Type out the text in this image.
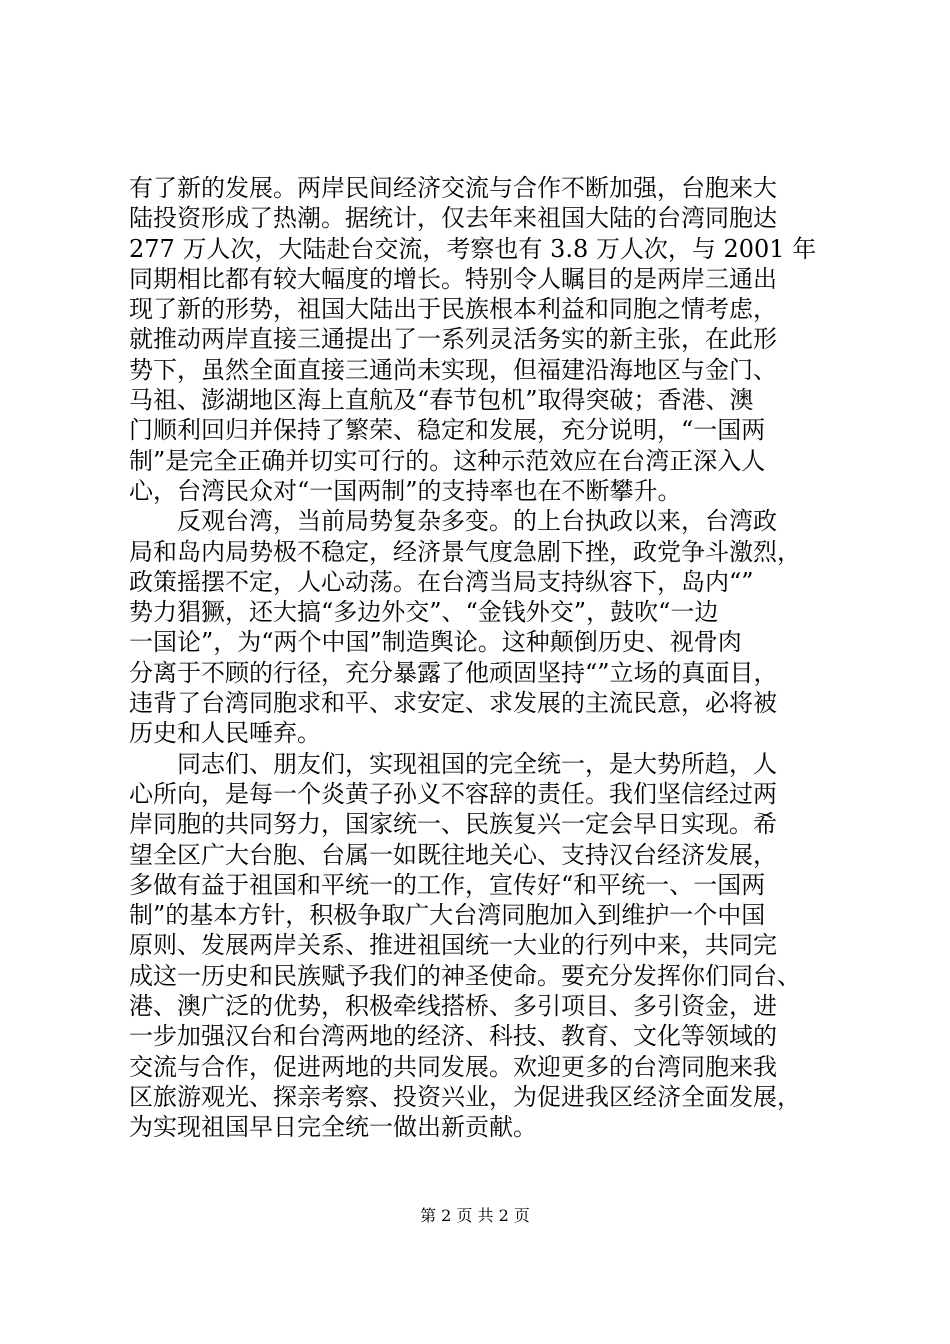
有了新的发展。两岸民间经济交流与合作不断加强，台胞来大
陆投资形成了热潮。据统计，仅去年来祖国大陆的台湾同胞达
277 万人次，大陆赴台交流，考察也有 3.8 万人次，与 2001 年
同期相比都有较大幅度的增长。特别令人瞩目的是两岸三通出
现了新的形势，祖国大陆出于民族根本利益和同胞之情考虑，
就推动两岸直接三通提出了一系列灵活务实的新主张，在此形
势下，虽然全面直接三通尚未实现，但福建沿海地区与金门、
马祖、澎湖地区海上直航及“春节包机”取得突破；香港、澳
门顺利回归并保持了繁荣、稳定和发展，充分说明，“一国两
制”是完全正确并切实可行的。这种示范效应在台湾正深入人
心，台湾民众对“一国两制”的支持率也在不断攀升。
　　反观台湾，当前局势复杂多变。的上台执政以来，台湾政
局和岛内局势极不稳定，经济景气度急剧下挫，政党争斗激烈，
政策摇摆不定，人心动荡。在台湾当局支持纵容下，岛内“”
势力猖獗，还大搞“多边外交”、“金钱外交”，鼓吹“一边
一国论”，为“两个中国”制造舆论。这种颠倒历史、视骨肉
分离于不顾的行径，充分暴露了他顽固坚持“”立场的真面目，
违背了台湾同胞求和平、求安定、求发展的主流民意，必将被
历史和人民唾弃。
　　同志们、朋友们，实现祖国的完全统一，是大势所趋，人
心所向，是每一个炎黄子孙义不容辞的责任。我们坚信经过两
岸同胞的共同努力，国家统一、民族复兴一定会早日实现。希
望全区广大台胞、台属一如既往地关心、支持汉台经济发展，
多做有益于祖国和平统一的工作，宣传好“和平统一、一国两
制”的基本方针，积极争取广大台湾同胞加入到维护一个中国
原则、发展两岸关系、推进祖国统一大业的行列中来，共同完
成这一历史和民族赋予我们的神圣使命。要充分发挥你们同台、
港、澳广泛的优势，积极牵线搭桥、多引项目、多引资金，进
一步加强汉台和台湾两地的经济、科技、教育、文化等领域的
交流与合作，促进两地的共同发展。欢迎更多的台湾同胞来我
区旅游观光、探亲考察、投资兴业，为促进我区经济全面发展，
为实现祖国早日完全统一做出新贡献。
第 2 页 共 2 页
